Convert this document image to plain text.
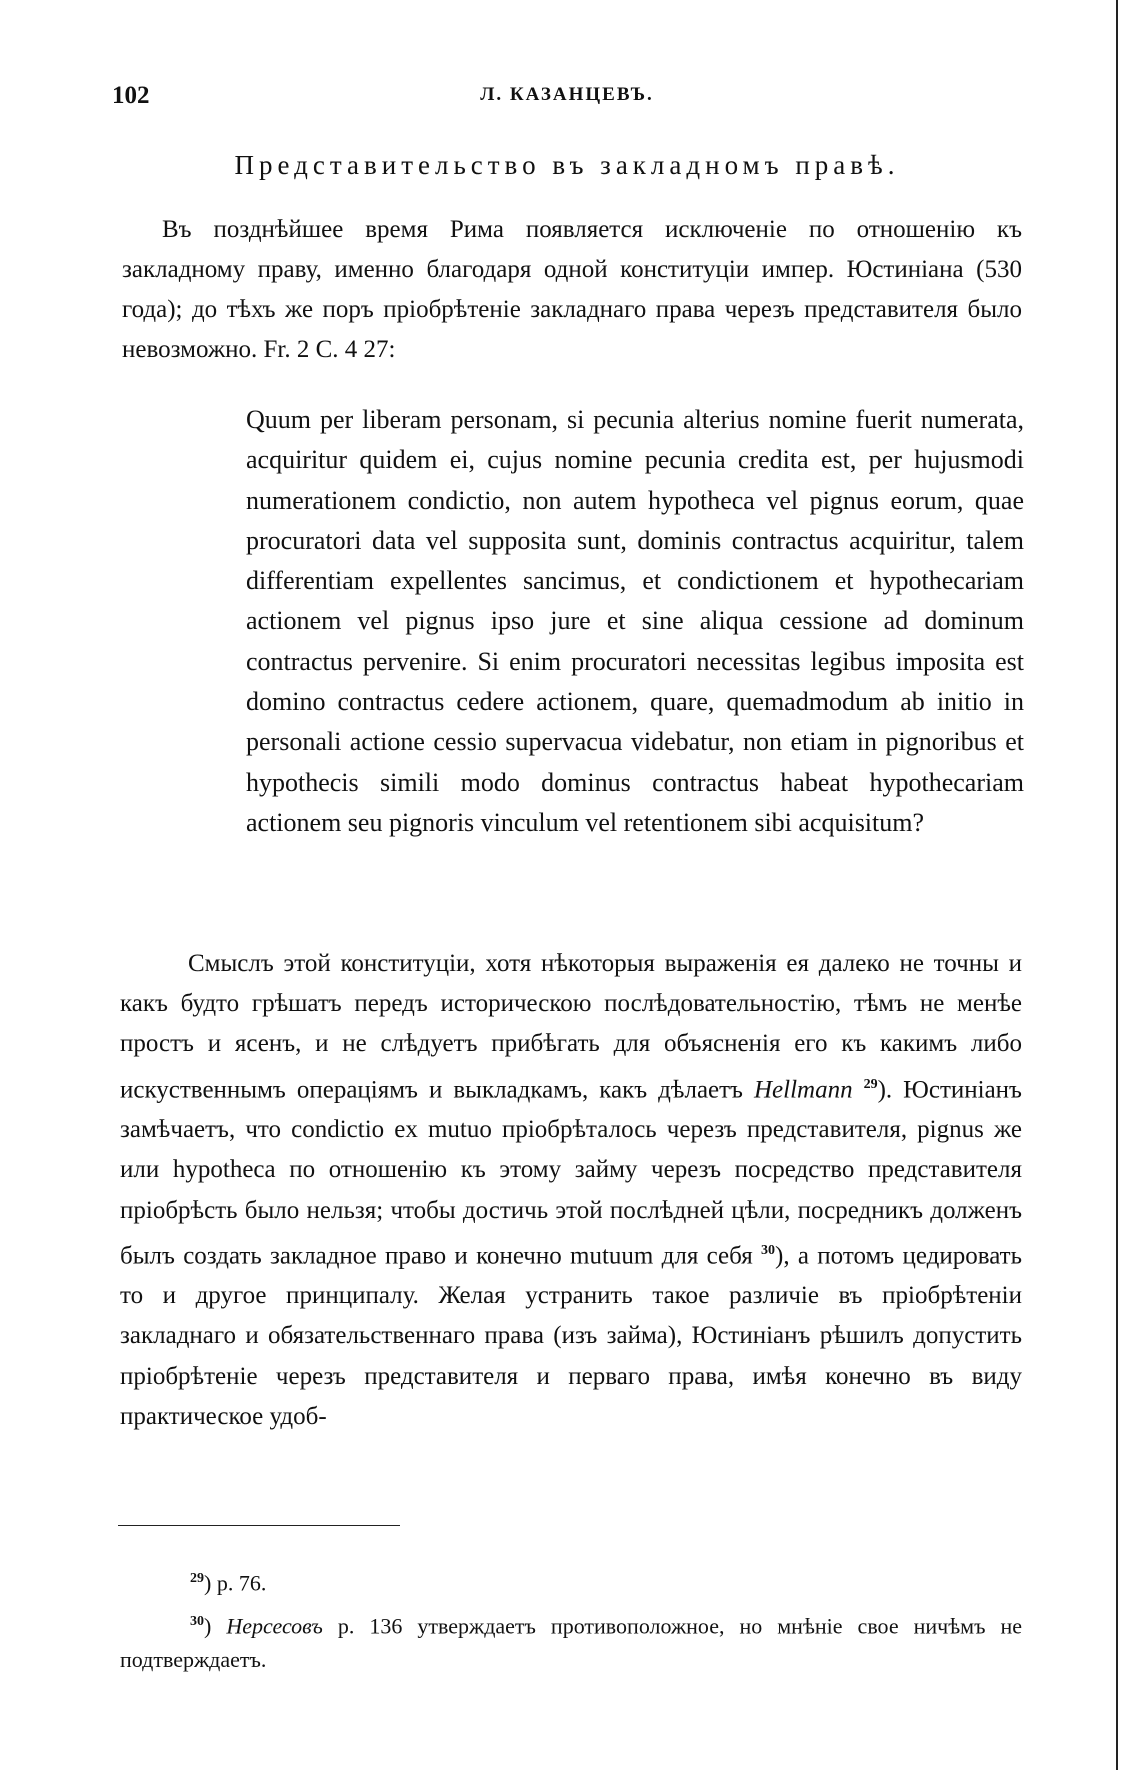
102	Л. КАЗАНЦЕВЪ.
Представительство въ закладномъ правѣ.

Въ позднѣйшее время Рима появляется исключеніе по отношенію къ закладному праву, именно благодаря одной конституціи импер. Юстиніана (530 года); до тѣхъ же поръ пріобрѣтеніе закладнаго права черезъ представителя было невозможно. Fr. 2 C. 4 27:

Quum per liberam personam, si pecunia alterius nomine fuerit numerata, acquiritur quidem ei, cujus nomine pecunia credita est, per hujusmodi numerationem condictio, non autem hypotheca vel pignus eorum, quae procuratori data vel supposita sunt, dominis contractus acquiritur, talem differentiam expellentes sancimus, et condictionem et hypothecariam actionem vel pignus ipso jure et sine aliqua cessione ad dominum contractus pervenire. Si enim procuratori necessitas legibus imposita est domino contractus cedere actionem, quare, quemadmodum ab initio in personali actione cessio supervacua videbatur, non etiam in pignoribus et hypothecis simili modo dominus contractus habeat hypothecariam actionem seu pignoris vinculum vel retentionem sibi acquisitum?

Смыслъ этой конституціи, хотя нѣкоторыя выраженія ея далеко не точны и какъ будто грѣшатъ передъ историческою послѣдовательностію, тѣмъ не менѣе простъ и ясенъ, и не слѣдуетъ прибѣгать для объясненія его къ какимъ либо искуственнымъ операціямъ и выкладкамъ, какъ дѣлаетъ Hellmann $^{29}$). Юстиніанъ замѣчаетъ, что condictio ex mutuo пріобрѣталось черезъ представителя, pignus же или hypotheca по отношенію къ этому займу черезъ посредство представителя пріобрѣсть было нельзя; чтобы достичь этой послѣдней цѣли, посредникъ долженъ былъ создать закладное право и конечно mutuum для себя $^{30}$), а потомъ цедировать то и другое принципалу. Желая устранить такое различіе въ пріобрѣтеніи закладнаго и обязательственнаго права (изъ займа), Юстиніанъ рѣшилъ допустить пріобрѣтеніе черезъ представителя и перваго права, имѣя конечно въ виду практическое удоб-

$^{29}$) p. 76.

$^{30}$) Нерсесовъ p. 136 утверждаетъ противоположное, но мнѣніе свое ничѣмъ не подтверждаетъ.
